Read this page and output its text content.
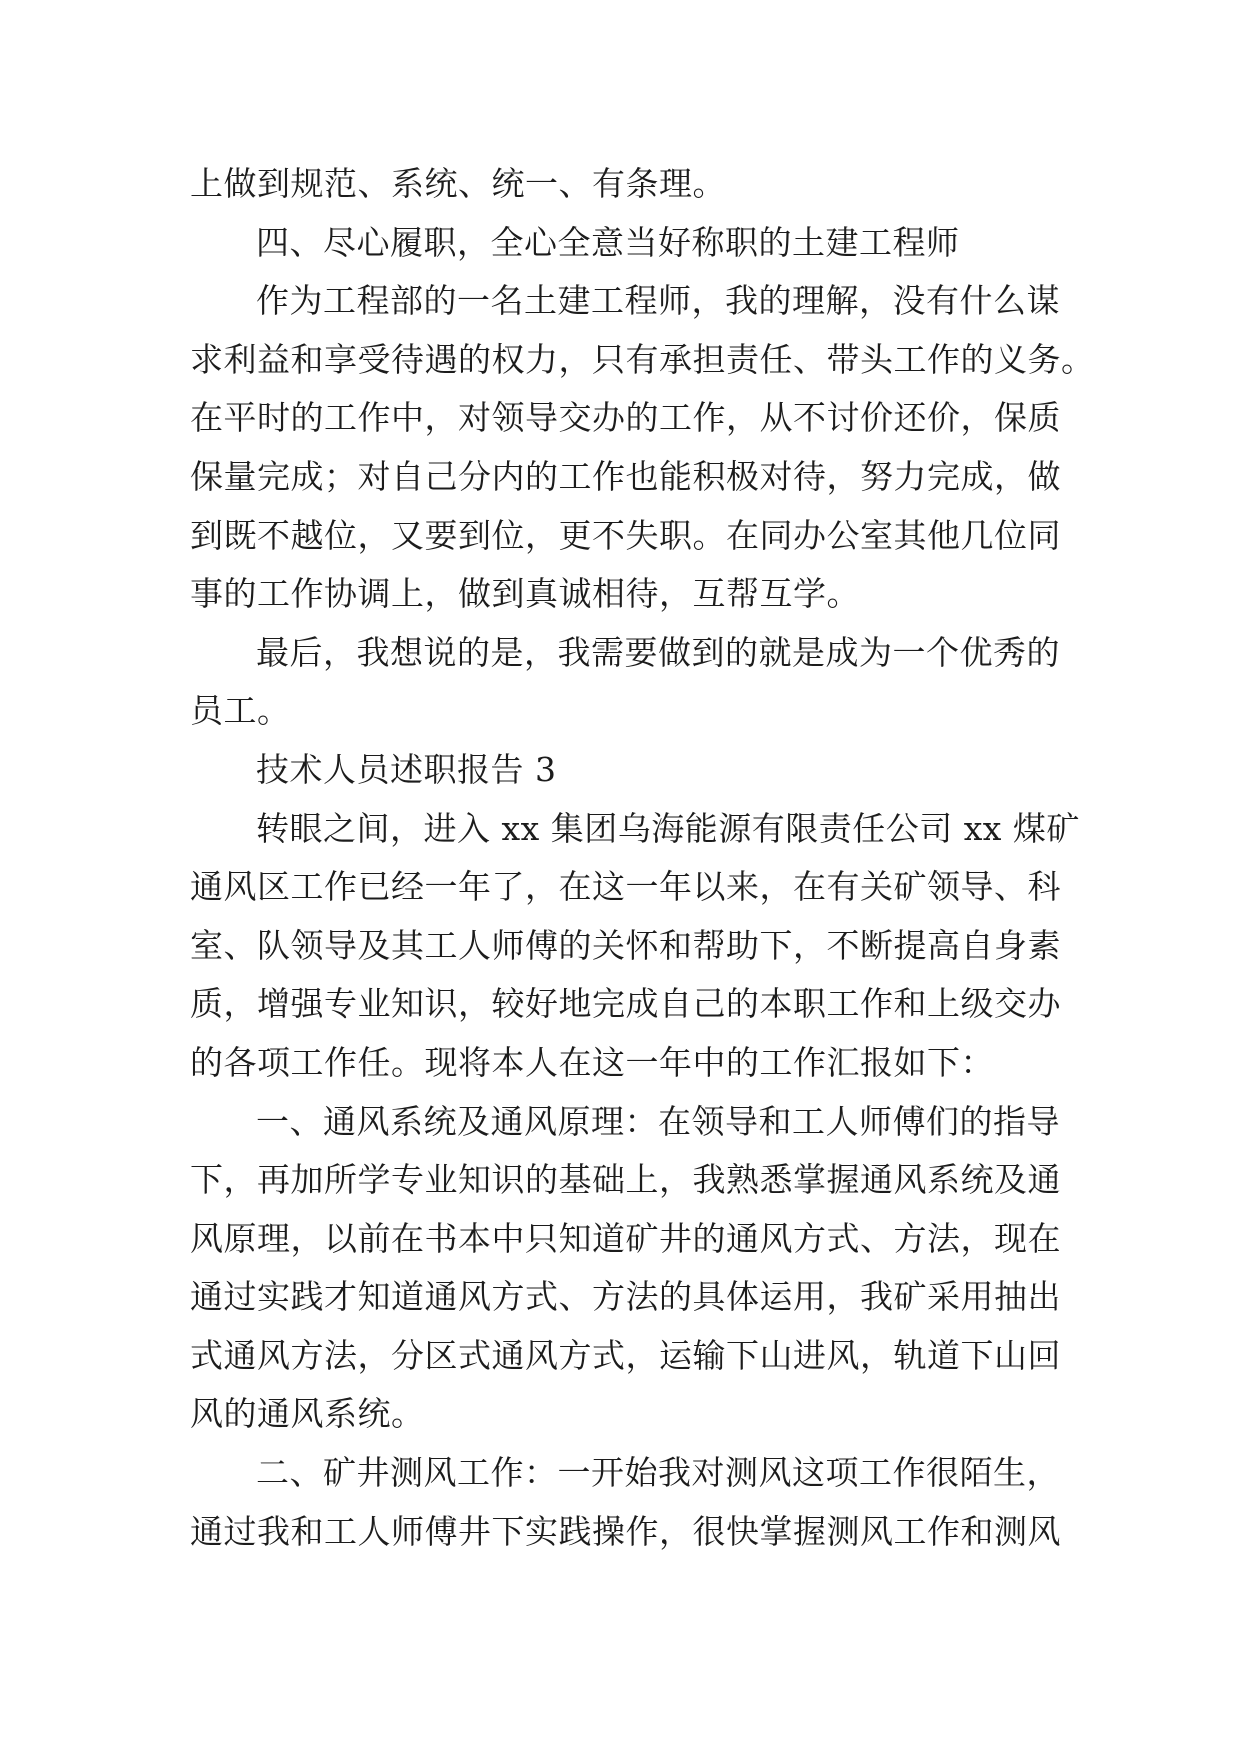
上做到规范、系统、统一、有条理。
四、尽心履职，全心全意当好称职的土建工程师
作为工程部的一名土建工程师，我的理解，没有什么谋
求利益和享受待遇的权力，只有承担责任、带头工作的义务。
在平时的工作中，对领导交办的工作，从不讨价还价，保质
保量完成；对自己分内的工作也能积极对待，努力完成，做
到既不越位，又要到位，更不失职。在同办公室其他几位同
事的工作协调上，做到真诚相待，互帮互学。
最后，我想说的是，我需要做到的就是成为一个优秀的
员工。
技术人员述职报告 3
转眼之间，进入 xx 集团乌海能源有限责任公司 xx 煤矿
通风区工作已经一年了，在这一年以来，在有关矿领导、科
室、队领导及其工人师傅的关怀和帮助下，不断提高自身素
质，增强专业知识，较好地完成自己的本职工作和上级交办
的各项工作任。现将本人在这一年中的工作汇报如下：
一、通风系统及通风原理：在领导和工人师傅们的指导
下，再加所学专业知识的基础上，我熟悉掌握通风系统及通
风原理，以前在书本中只知道矿井的通风方式、方法，现在
通过实践才知道通风方式、方法的具体运用，我矿采用抽出
式通风方法，分区式通风方式，运输下山进风，轨道下山回
风的通风系统。
二、矿井测风工作：一开始我对测风这项工作很陌生，
通过我和工人师傅井下实践操作，很快掌握测风工作和测风
